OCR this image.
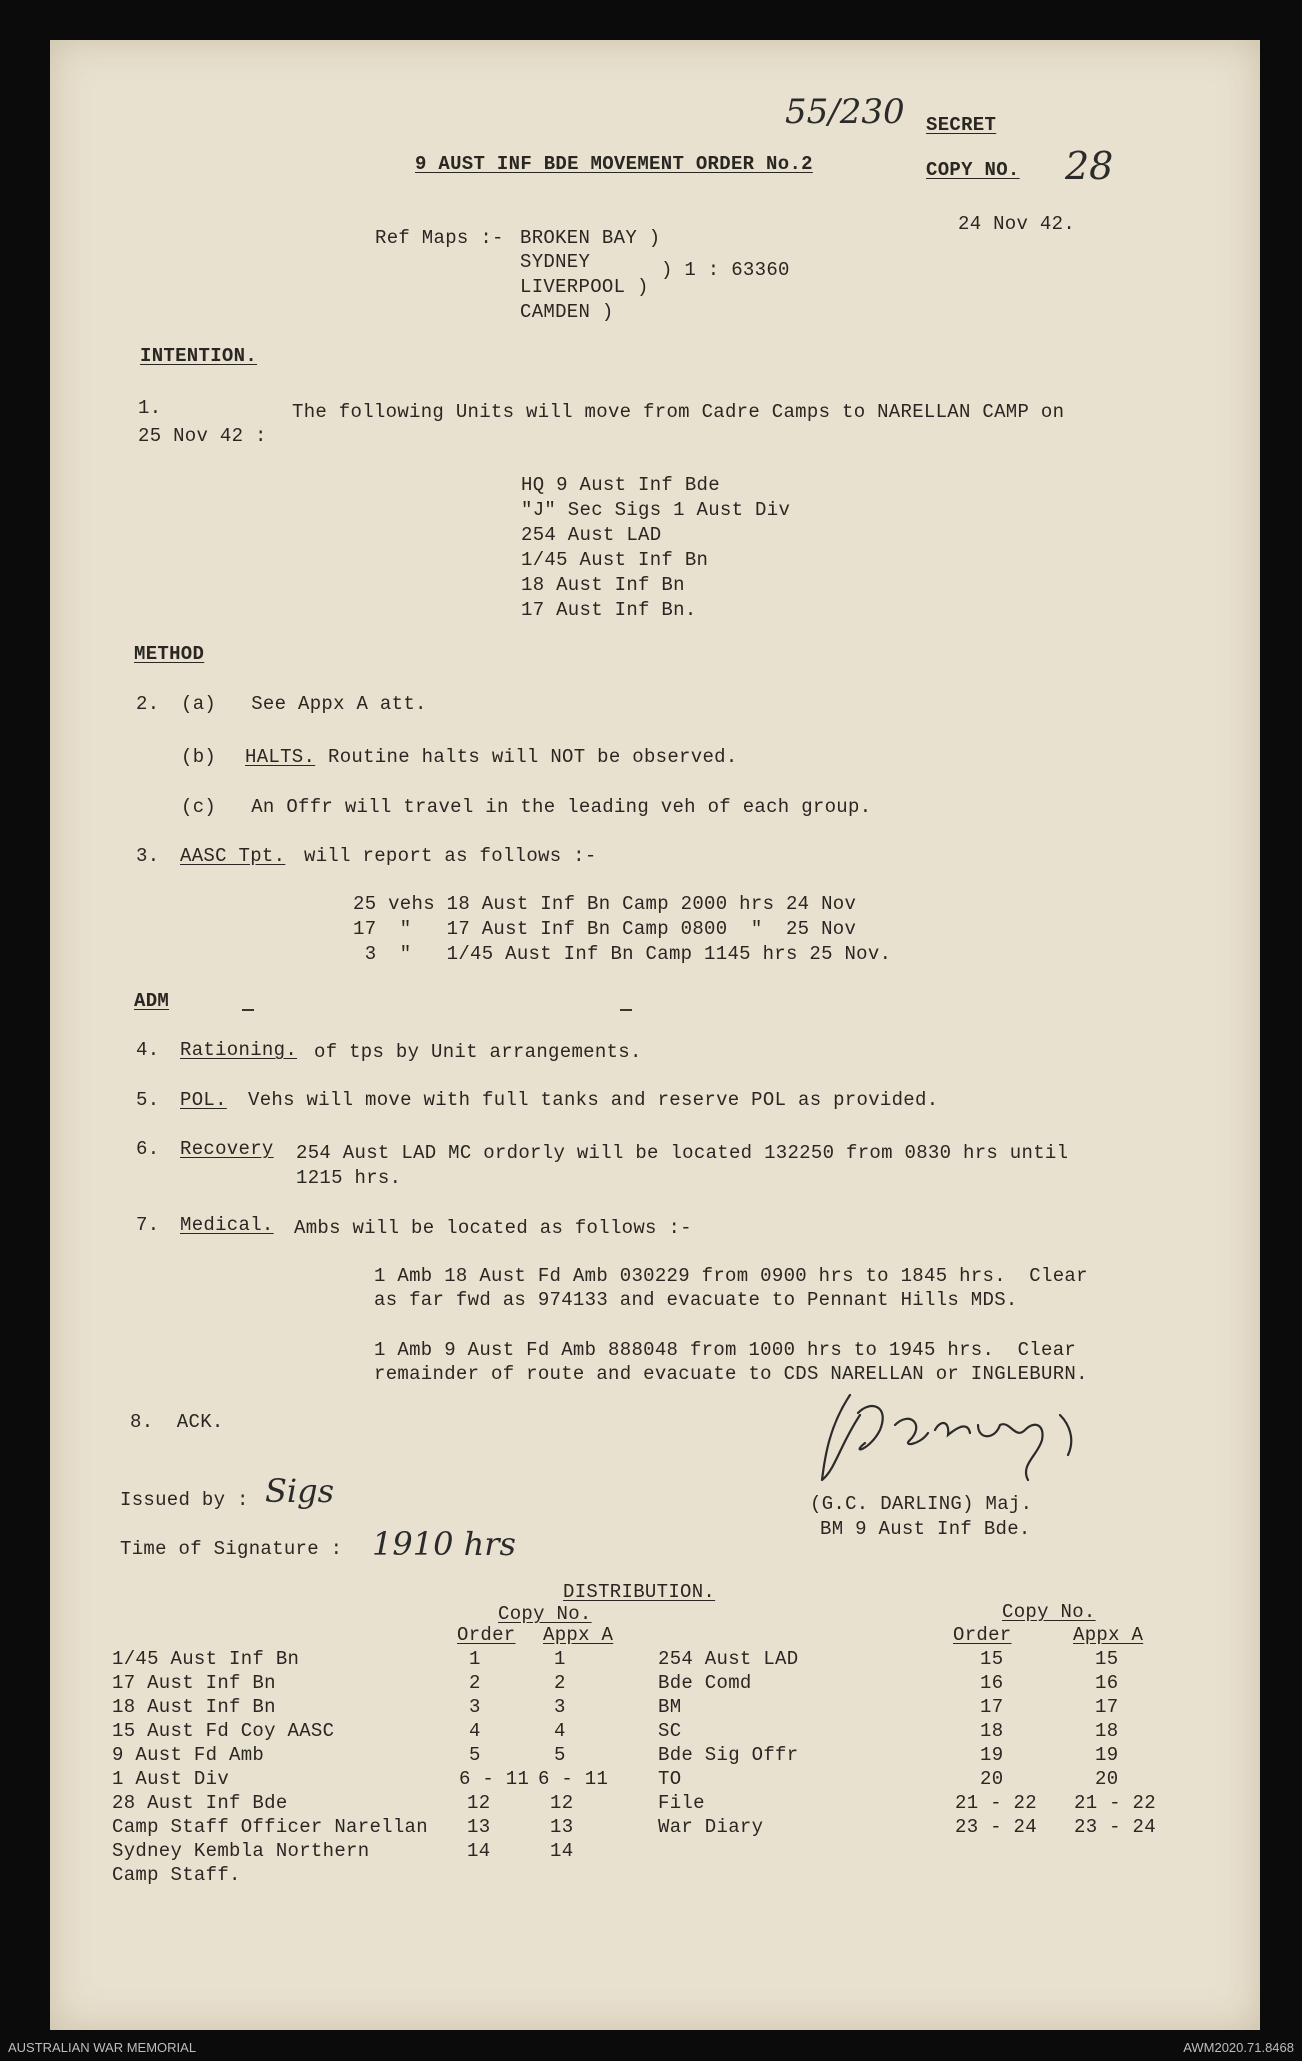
55/230 SECRET
9 AUST INF BDE MOVEMENT ORDER No.2	COPY NO. 28
24 Nov 42.
Ref Maps :- BROKEN BAY )
SYDNEY	) 1 : 63360
LIVERPOOL )
CAMDEN )
INTENTION.
1.	The following Units will move from Cadre Camps to NARELLAN CAMP on
25 Nov 42 :
HQ 9 Aust Inf Bde
"J" Sec Sigs 1 Aust Div
254 Aust LAD
1/45 Aust Inf Bn
18 Aust Inf Bn
17 Aust Inf Bn.
METHOD
2. (a)   See Appx A att.
(b) HALTS. Routine halts will NOT be observed.
(c)   An Offr will travel in the leading veh of each group.
3. AASC Tpt. will report as follows :-
25 vehs 18 Aust Inf Bn Camp 2000 hrs 24 Nov
17  "   17 Aust Inf Bn Camp 0800  "  25 Nov
3  "   1/45 Aust Inf Bn Camp 1145 hrs 25 Nov.
ADM
4. Rationing. of tps by Unit arrangements.
5. POL. Vehs will move with full tanks and reserve POL as provided.
6. Recovery 254 Aust LAD MC ordorly will be located 132250 from 0830 hrs until
1215 hrs.
7. Medical. Ambs will be located as follows :-
1 Amb 18 Aust Fd Amb 030229 from 0900 hrs to 1845 hrs.  Clear
as far fwd as 974133 and evacuate to Pennant Hills MDS.
1 Amb 9 Aust Fd Amb 888048 from 1000 hrs to 1945 hrs.  Clear
remainder of route and evacuate to CDS NARELLAN or INGLEBURN.
8.  ACK.
(G.C. DARLING) Maj.
BM 9 Aust Inf Bde.
Issued by : Sigs
Time of Signature : 1910 hrs
DISTRIBUTION.
Copy No.
Order Appx A
Copy No.
Order	Appx A
1/45 Aust Inf Bn	1	1
17 Aust Inf Bn	2	2
18 Aust Inf Bn	3	3
15 Aust Fd Coy AASC	4	4
9 Aust Fd Amb	5	5
1 Aust Div	6 - 11 6 - 11
28 Aust Inf Bde	12	12
Camp Staff Officer Narellan 13	13
Sydney Kembla Northern	14	14
Camp Staff.
254 Aust LAD	15	15
Bde Comd	16	16
BM	17	17
SC	18	18
Bde Sig Offr	19	19
TO	20	20
File	21 - 22 21 - 22
War Diary	23 - 24 23 - 24
AUSTRALIAN WAR MEMORIAL	AWM2020.71.8468
